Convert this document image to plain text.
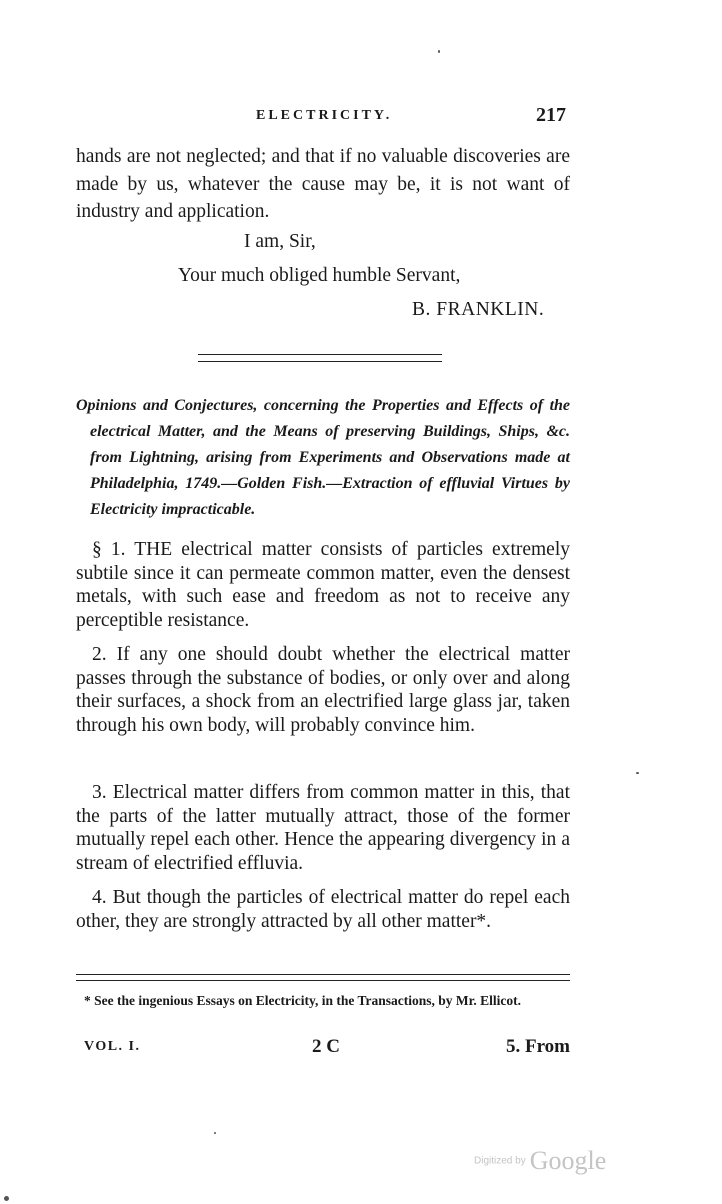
ELECTRICITY.	217
hands are not neglected; and that if no valuable discoveries are made by us, whatever the cause may be, it is not want of industry and application.
I am, Sir,
Your much obliged humble Servant,
B. FRANKLIN.
Opinions and Conjectures, concerning the Properties and Effects of the electrical Matter, and the Means of preserving Buildings, Ships, &c. from Lightning, arising from Experiments and Observations made at Philadelphia, 1749.—Golden Fish.—Extraction of effluvial Virtues by Electricity impracticable.
§ 1. THE electrical matter consists of particles extremely subtile since it can permeate common matter, even the densest metals, with such ease and freedom as not to receive any perceptible resistance.
2. If any one should doubt whether the electrical matter passes through the substance of bodies, or only over and along their surfaces, a shock from an electrified large glass jar, taken through his own body, will probably convince him.
3. Electrical matter differs from common matter in this, that the parts of the latter mutually attract, those of the former mutually repel each other. Hence the appearing divergency in a stream of electrified effluvia.
4. But though the particles of electrical matter do repel each other, they are strongly attracted by all other matter*.
* See the ingenious Essays on Electricity, in the Transactions, by Mr. Ellicot.
VOL. I.	2 C	5. From
Digitized by Google
